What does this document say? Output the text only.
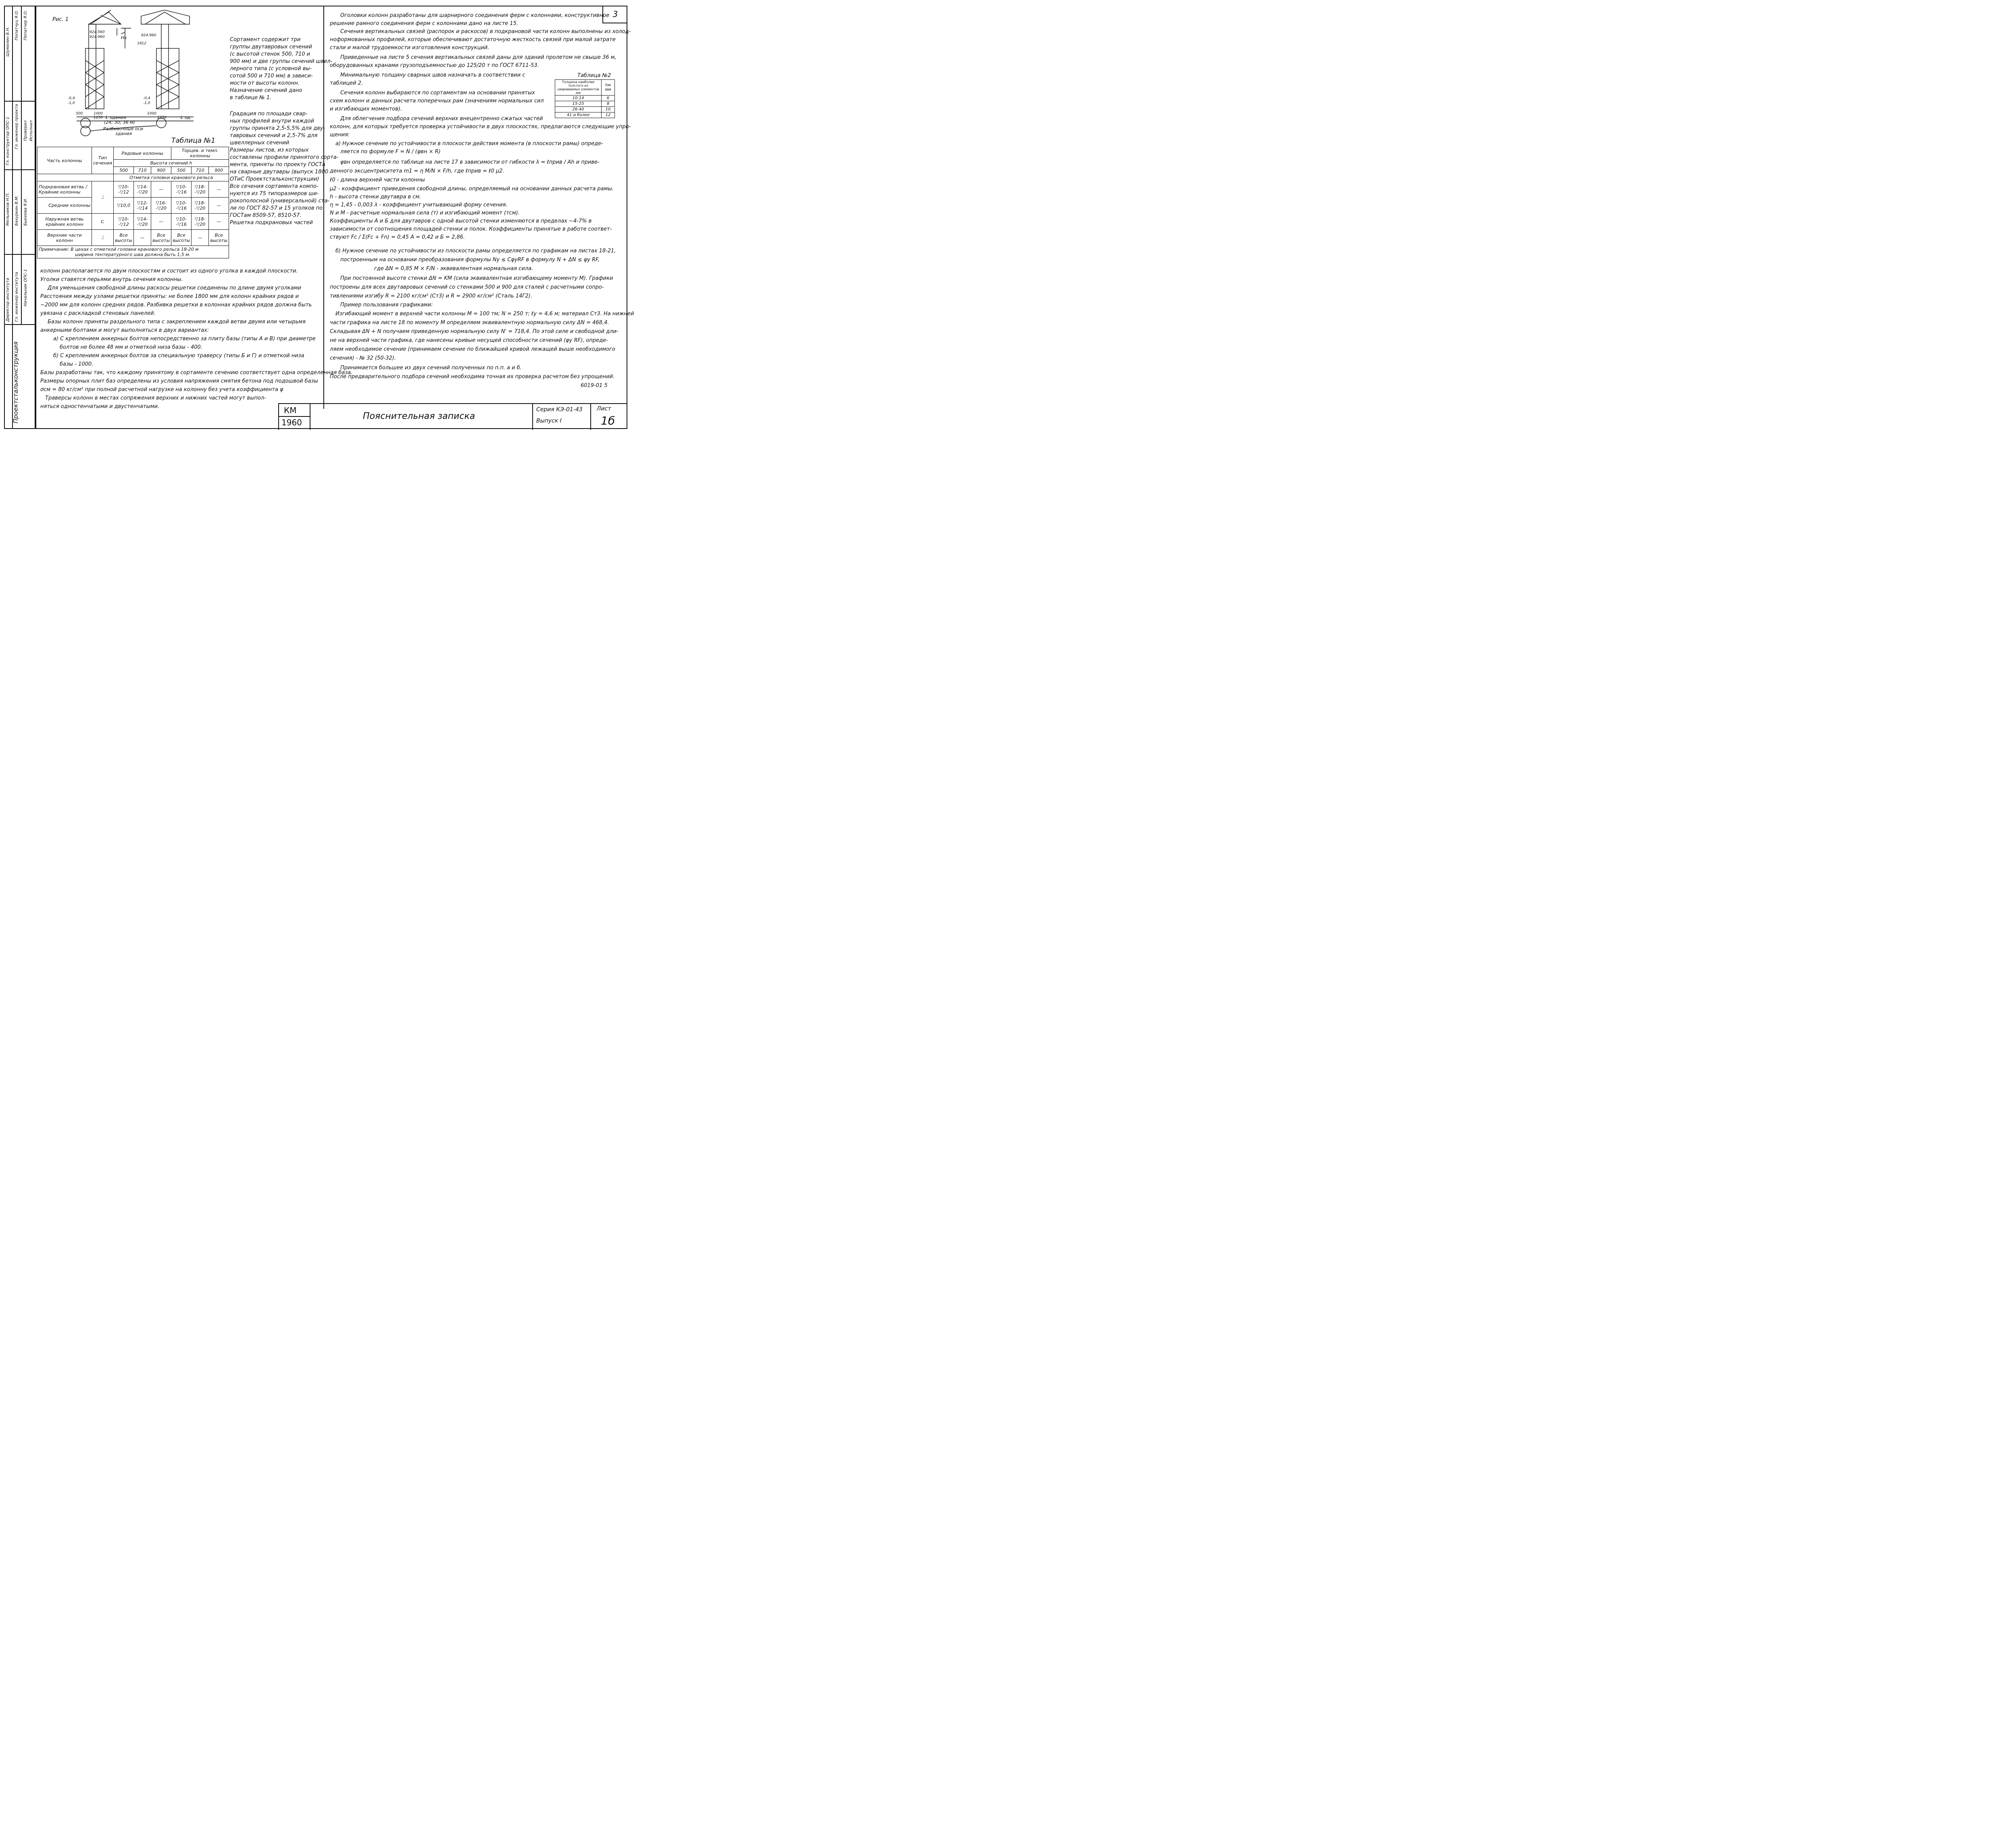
Шумилин Б.Н.
Попатчуц Я.О. Пепатчер Я.О.
Гл. конструктор ОПС-1 Гл. инженер проекта Проверил Исполнил
Мельников Н.П. Бахуркин В.М. Быкеева Я.И.
Директор института Гл. инженер института Начальник ОПС-1
Проектстальконструкция
3
Рис. 1
924-560
924-960	924-960
Hк
1812
-0,4
-1,0
-0,4
-1,0
500	1000
1250
1000
1250
L здания
(24; 30; 36 м)
L зд.
Разбивочные оси
здания
Сортамент содержит три
группы двутавровых сечений
(с высотой стенок 500, 710 и
900 мм) и две группы сечений швел-
лерного типа (с условной вы-
сотой 500 и 710 мм) в зависи-
мости от высоты колонн.
Назначение сечений дано
в таблице № 1.
Градация по площади свар-
ных профилей внутри каждой
группы принята 2,5-5,5% для дву-
тавровых сечений и 2,5-7% для
швеллерных сечений
Размеры листов, из которых
составлены профили принятого сорта-
мента, приняты по проекту ГОСТа
на сварные двутавры (выпуск 1800
ОТиС Проектстальконструкции)
Все сечения сортамента компо-
нуются из 75 типоразмеров ши-
рокополосной (универсальной) ста-
ли по ГОСТ 82-57 и 15 уголков по
ГОСТам 8509-57, 8510-57.
Решетка подкрановых частей
Таблица №1
Часть колонны	Тип сечения	Рядовые колонны			Торцев. и темп. колонны		
		Высота сечений h					
		500	710	900	500	710	900
		Отметка головки кранового рельса					
Подкрановая ветвь / Крайние колонны	⌶	▽10- -▽12	▽14- -▽20	—	▽10- -▽16	▽18- -▽20	—
Средние колонны		▽10,0	▽12- -▽14	▽16- -▽20	▽10- -▽16	▽18- -▽20	—
Наружная ветвь крайних колонн	⊏	▽10- -▽12	▽14- -▽20	—	▽10- -▽16	▽18- -▽20	—
Верхние части колонн	⌶	Все высоты	—	Все высоты	Все высоты	—	Все высоты

Примечание: В цехах с отметкой головки кранового рельса 18-20 м
ширина тентерaтурного шва должна быть 1,5 м.							
колонн располагается по двум плоскостям и состоит из одного уголка в каждой плоскости.
Уголки ставятся перьями внутрь сечения колонны.
Для уменьшения свободной длины раскосы решетки соединены по длине двумя уголками
Расстояния между узлами решетки приняты: не более 1800 мм для колонн крайних рядов и
~2000 мм для колонн средних рядов. Разбивка решетки в колоннах крайних рядов должна быть
увязана с раскладкой стеновых панелей.
Базы колонн приняты раздельного типа с закреплением каждой ветви двумя или четырьмя
анкерными болтами и могут выполняться в двух вариантах:
а) С креплением анкерных болтов непосредственно за плиту базы (типы А и В) при диаметре
болтов не более 48 мм и отметкой низа базы - 400.
б) С креплением анкерных болтов за специальную траверсу (типы Б и Г) и отметкой низа
базы - 1000.
Базы разработаны так, что каждому принятому в сортаменте сечению соответствует одна определенная база.
Размеры опорных плит баз определены из условия напряжения смятия бетона под подошвой базы
σсм = 80 кг/см² при полной расчетной нагрузке на колонну без учета коэффициента φ
Траверсы колонн в местах сопряжения верхних и нижних частей могут выпол-
няться одностенчатыми и двустенчатыми.
Оголовки колонн разработаны для шарнирного соединения ферм с колоннами, конструктивное
решение рамного соединения ферм с колоннами дано на листе 15.
Сечения вертикальных связей (распорок и раскосов) в подкрановой части колонн выполнены из холод-
ноформованных профилей, которые обеспечивают достаточную жесткость связей при малой затрате
стали и малой трудоемкости изготовления конструкций.
Приведенные на листе 5 сечения вертикальных связей даны для зданий пролетом не свыше 36 м,
оборудованных кранами грузоподъемностью до 125/20 т по ГОСТ 6711-53.
Минимальную толщину сварных швов назначать в соответствии с
таблицей 2.
Сечения колонн выбираются по сортаментам на основании принятых
схем колонн и данных расчета поперечных рам (значениям нормальных сил
и изгибающих моментов).
Для облегчения подбора сечений верхних внецентренно сжатых частей
колонн, для которых требуется проверка устойчивости в двух плоскостях, предлагаются следующие упро-
щения:
а) Нужное сечение по устойчивости в плоскости действия момента (в плоскости рамы) опреде-
ляется по формуле F = N / (φвн × R)
φвн определяется по таблице на листе 17 в зависимости от гибкости λ = ℓприв / Ah и приве-
денного эксцентриситета m1 = η M/N × F/h, где ℓприв = ℓ0 μ2.
ℓ0 - длина верхней части колонны
μ2 - коэффициент приведения свободной длины, определяемый на основании данных расчета рамы.
h - высота стенки двутавра в см.
η = 1,45 - 0,003 λ - коэффициент учитывающий форму сечения.
N и M - расчетные нормальная сила (т) и изгибающий момент (тсм).
Коэффициенты А и Б для двутавров с одной высотой стенки изменяются в пределах ~4-7% в
зависимости от соотношения площадей стенки и полок. Коэффициенты принятые в работе соответ-
ствуют Fc / Σ(Fc + Fn) = 0,45 А = 0,42 и Б = 2,86.
б) Нужное сечение по устойчивости из плоскости рамы определяется по графикам на листах 18-21,
построенным на основании преобразования формулы Ny ≤ CφyRF в формулу N + ΔN ≤ φy RF,
где ΔN = 0,85 M × F/N - эквивалентная нормальная сила.
При постоянной высоте стенки ΔN = KM (сила эквивалентная изгибающему моменту M). Графики
построены для всех двутавровых сечений со стенками 500 и 900 для сталей с расчетными сопро-
тивлениями изгибу R = 2100 кг/см² (Ст3) и R = 2900 кг/см² (Сталь 14Г2).
Пример пользования графиками:
Изгибающий момент в верхней части колонны M = 100 тм; N = 250 т; ℓy = 4,6 м; материал Ст3. На нижней
части графика на листе 18 по моменту M определяем эквивалентную нормальную силу ΔN = 468,4.
Складывая ΔN + N получаем приведенную нормальную силу N' = 718,4. По этой силе и свободной дли-
не на верхней части графика, где нанесены кривые несущей способности сечений (φy RF), опреде-
ляем необходимое сечение (принимаем сечение по ближайшей кривой лежащей выше необходимого
сечения) - № 32 (50-32).
Принимается большее из двух сечений полученных по п.п. а и б.
После предварительного подбора сечений необходима точная их проверка расчетом без упрощений.
6019-01 5
Таблица №2
Толщина наиболее толстого из свариваемых элементов мм	hм мм
10-14	6
15-25	8
26-40	10
41 и более	12
КМ
1960
Пояснительная записка
Серия КЭ-01-43
Выпуск I
Лист
1б
